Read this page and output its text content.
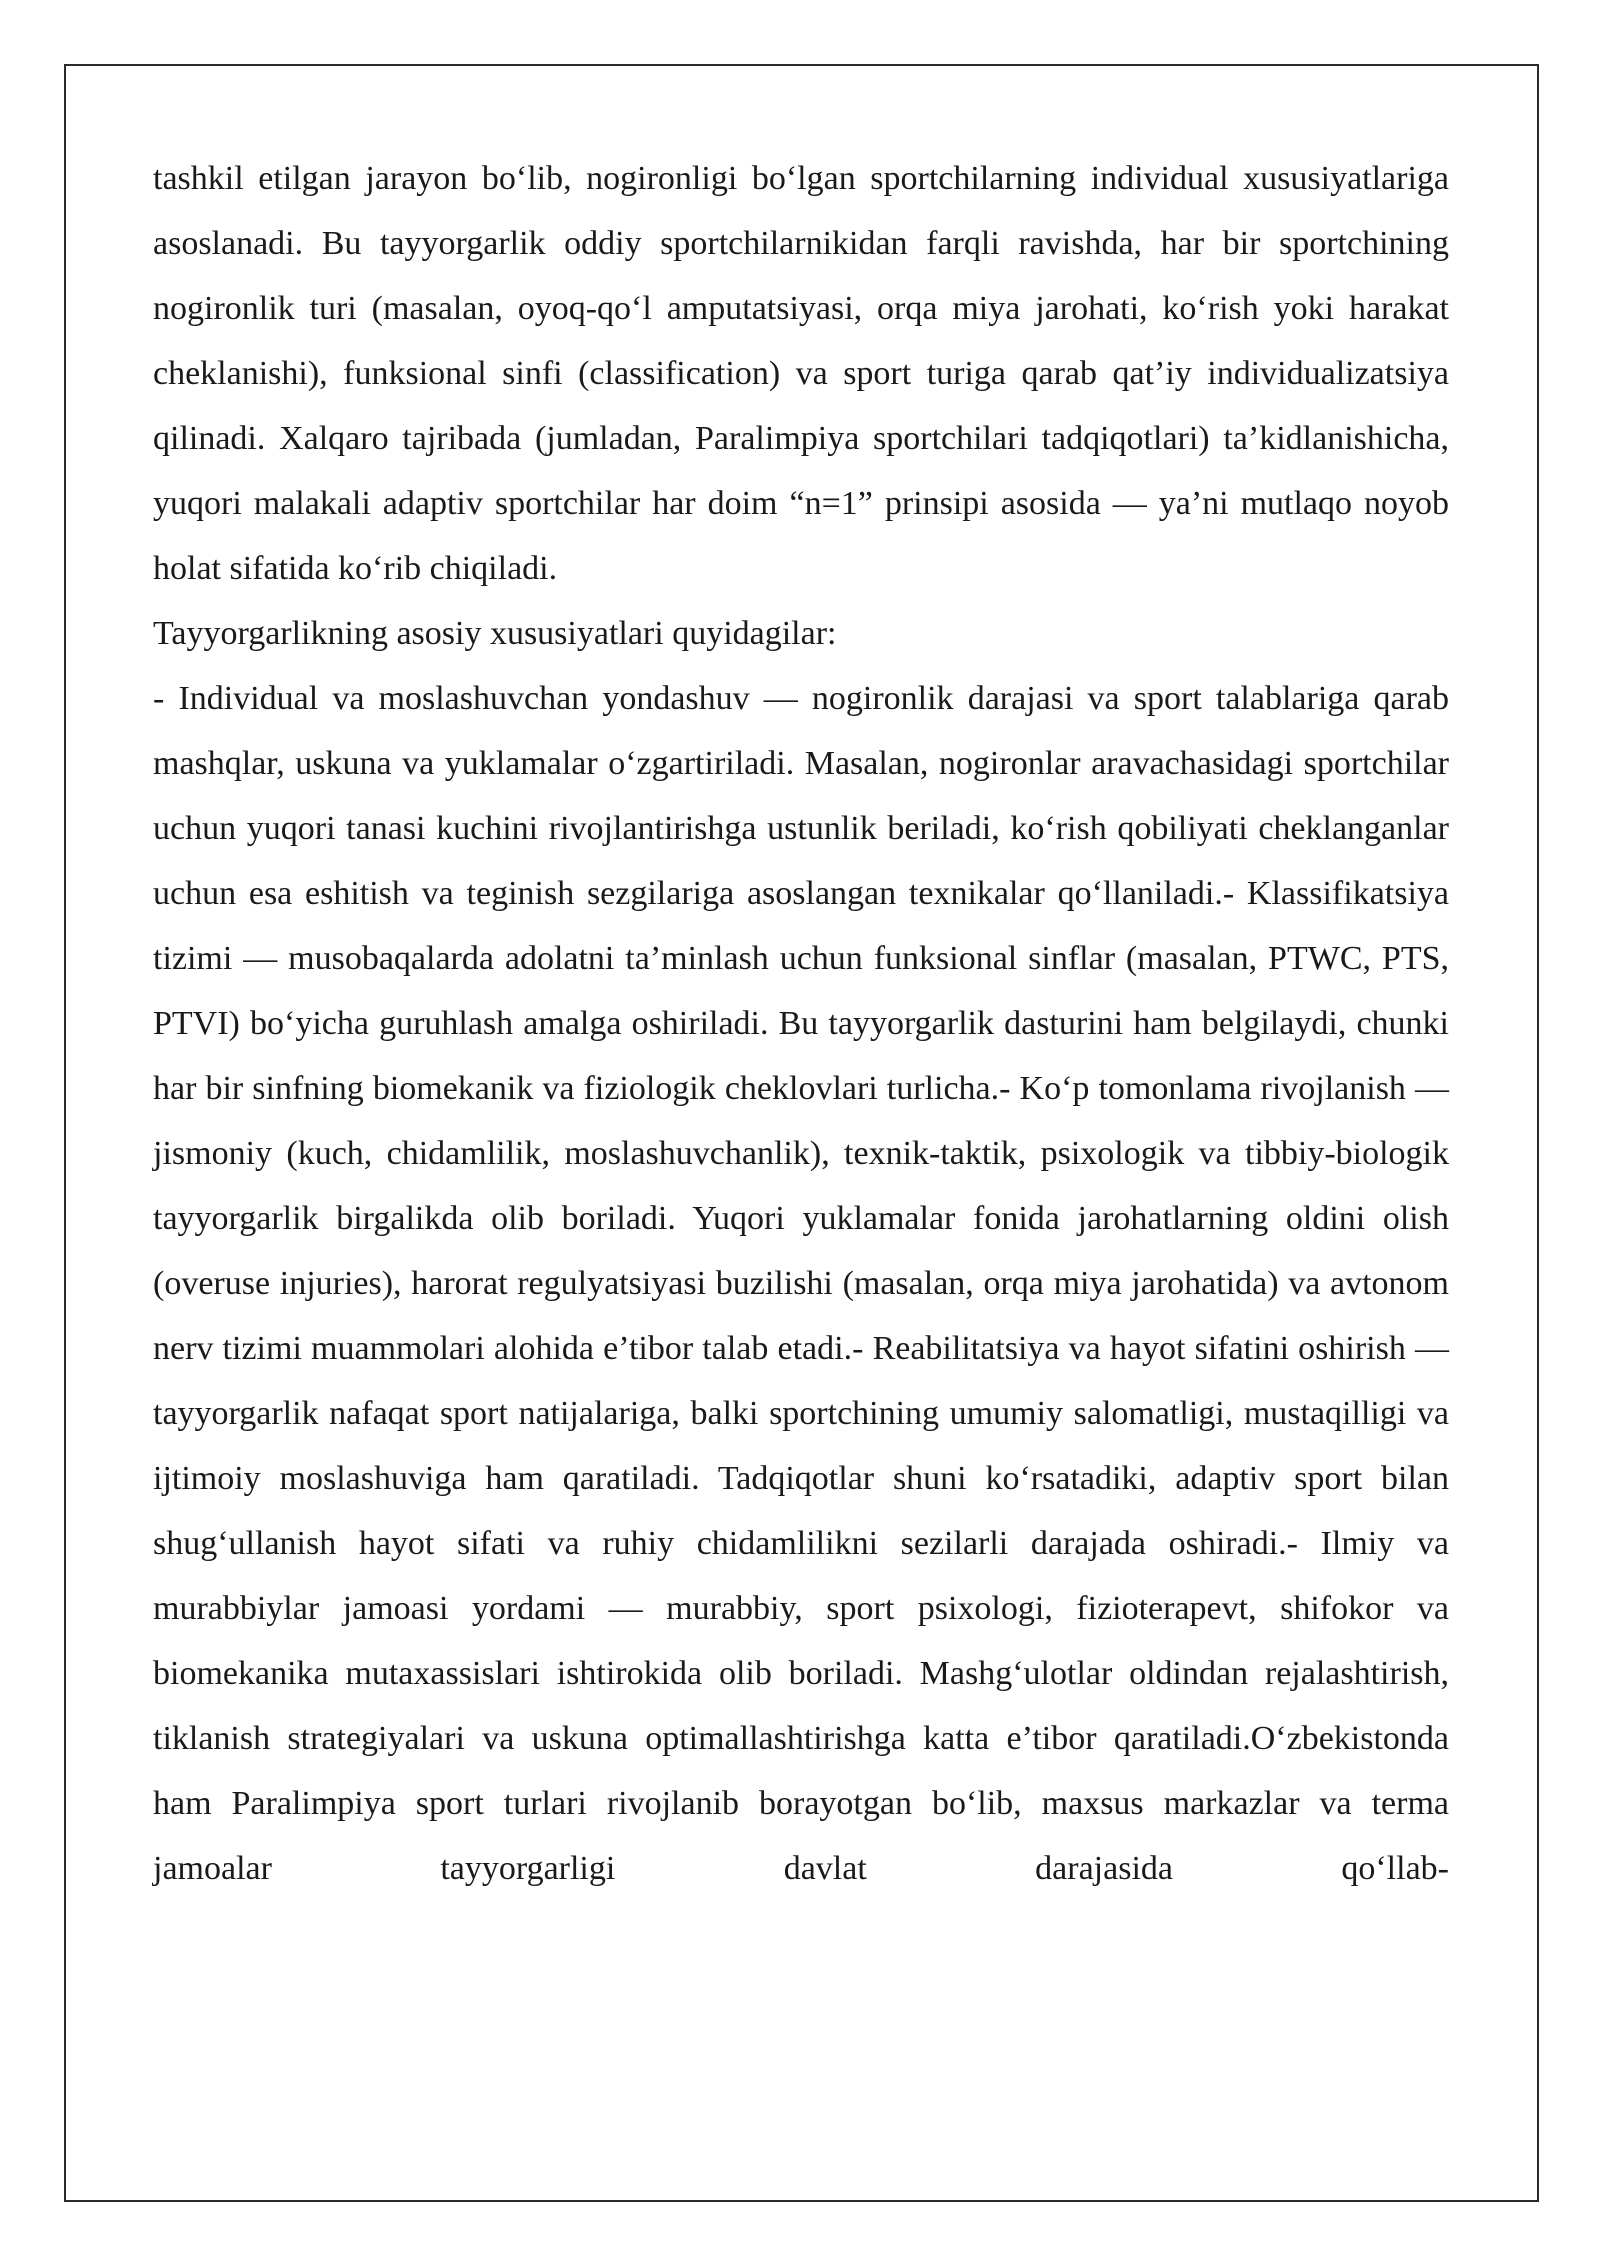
tashkil etilgan jarayon bo‘lib, nogironligi bo‘lgan sportchilarning individual xususiyatlariga asoslanadi. Bu tayyorgarlik oddiy sportchilarnikidan farqli ravishda, har bir sportchining nogironlik turi (masalan, oyoq-qo‘l amputatsiyasi, orqa miya jarohati, ko‘rish yoki harakat cheklanishi), funksional sinfi (classification) va sport turiga qarab qat’iy individualizatsiya qilinadi. Xalqaro tajribada (jumladan, Paralimpiya sportchilari tadqiqotlari) ta’kidlanishicha, yuqori malakali adaptiv sportchilar har doim “n=1” prinsipi asosida — ya’ni mutlaqo noyob holat sifatida ko‘rib chiqiladi.

Tayyorgarlikning asosiy xususiyatlari quyidagilar:

- Individual va moslashuvchan yondashuv — nogironlik darajasi va sport talablariga qarab mashqlar, uskuna va yuklamalar o‘zgartiriladi. Masalan, nogironlar aravachasidagi sportchilar uchun yuqori tanasi kuchini rivojlantirishga ustunlik beriladi, ko‘rish qobiliyati cheklanganlar uchun esa eshitish va teginish sezgilariga asoslangan texnikalar qo‘llaniladi.- Klassifikatsiya tizimi — musobaqalarda adolatni ta’minlash uchun funksional sinflar (masalan, PTWC, PTS, PTVI) bo‘yicha guruhlash amalga oshiriladi. Bu tayyorgarlik dasturini ham belgilaydi, chunki har bir sinfning biomekanik va fiziologik cheklovlari turlicha.- Ko‘p tomonlama rivojlanish — jismoniy (kuch, chidamlilik, moslashuvchanlik), texnik-taktik, psixologik va tibbiy-biologik tayyorgarlik birgalikda olib boriladi. Yuqori yuklamalar fonida jarohatlarning oldini olish (overuse injuries), harorat regulyatsiyasi buzilishi (masalan, orqa miya jarohatida) va avtonom nerv tizimi muammolari alohida e’tibor talab etadi.- Reabilitatsiya va hayot sifatini oshirish — tayyorgarlik nafaqat sport natijalariga, balki sportchining umumiy salomatligi, mustaqilligi va ijtimoiy moslashuviga ham qaratiladi. Tadqiqotlar shuni ko‘rsatadiki, adaptiv sport bilan shug‘ullanish hayot sifati va ruhiy chidamlilikni sezilarli darajada oshiradi.- Ilmiy va murabbiylar jamoasi yordami — murabbiy, sport psixologi, fizioterapevt, shifokor va biomekanika mutaxassislari ishtirokida olib boriladi. Mashg‘ulotlar oldindan rejalashtirish, tiklanish strategiyalari va uskuna optimallashtirishga katta e’tibor qaratiladi.O‘zbekistonda ham Paralimpiya sport turlari rivojlanib borayotgan bo‘lib, maxsus markazlar va terma jamoalar tayyorgarligi davlat darajasida qo‘llab-
